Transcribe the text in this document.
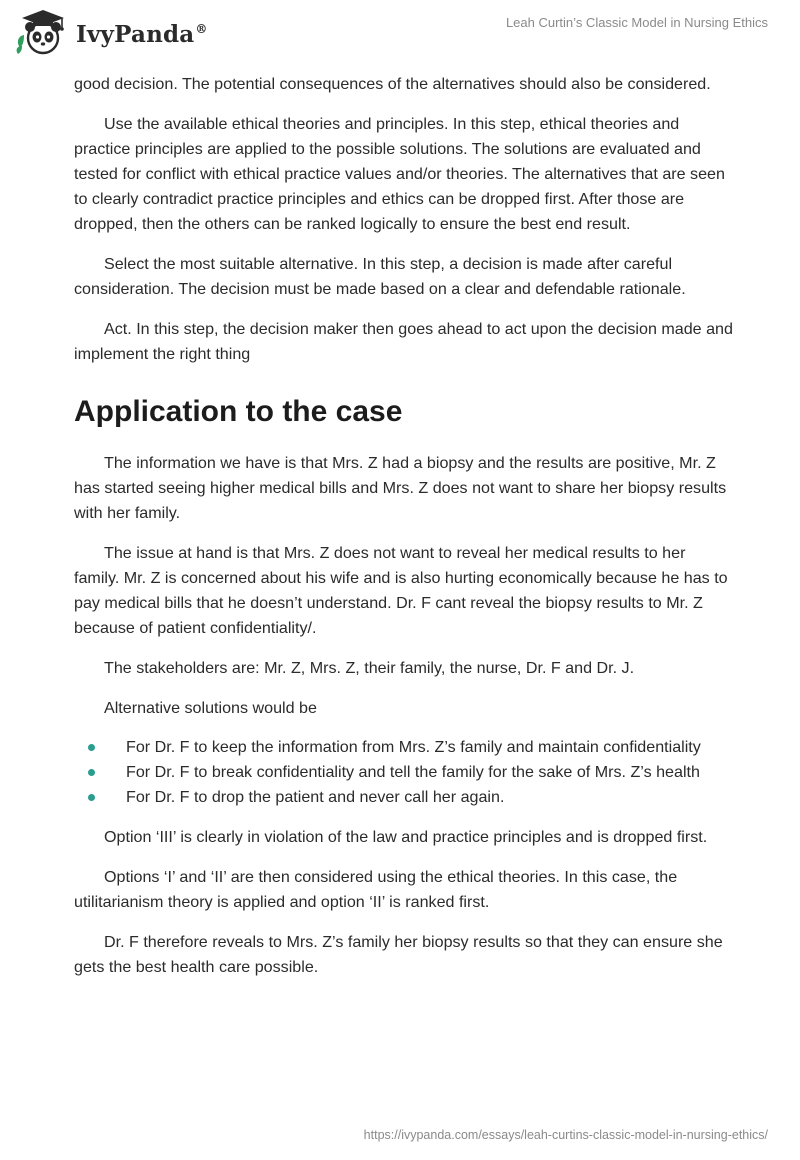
IvyPanda®	Leah Curtin’s Classic Model in Nursing Ethics

good decision. The potential consequences of the alternatives should also be considered.

Use the available ethical theories and principles. In this step, ethical theories and practice principles are applied to the possible solutions. The solutions are evaluated and tested for conflict with ethical practice values and/or theories. The alternatives that are seen to clearly contradict practice principles and ethics can be dropped first. After those are dropped, then the others can be ranked logically to ensure the best end result.

Select the most suitable alternative. In this step, a decision is made after careful consideration. The decision must be made based on a clear and defendable rationale.

Act. In this step, the decision maker then goes ahead to act upon the decision made and implement the right thing

Application to the case

The information we have is that Mrs. Z had a biopsy and the results are positive, Mr. Z has started seeing higher medical bills and Mrs. Z does not want to share her biopsy results with her family.

The issue at hand is that Mrs. Z does not want to reveal her medical results to her family. Mr. Z is concerned about his wife and is also hurting economically because he has to pay medical bills that he doesn’t understand. Dr. F cant reveal the biopsy results to Mr. Z because of patient confidentiality/.

The stakeholders are: Mr. Z, Mrs. Z, their family, the nurse, Dr. F and Dr. J.

Alternative solutions would be

For Dr. F to keep the information from Mrs. Z’s family and maintain confidentiality
For Dr. F to break confidentiality and tell the family for the sake of Mrs. Z’s health
For Dr. F to drop the patient and never call her again.

Option ‘III’ is clearly in violation of the law and practice principles and is dropped first.

Options ‘I’ and ‘II’ are then considered using the ethical theories. In this case, the utilitarianism theory is applied and option ‘II’ is ranked first.

Dr. F therefore reveals to Mrs. Z’s family her biopsy results so that they can ensure she gets the best health care possible.

https://ivypanda.com/essays/leah-curtins-classic-model-in-nursing-ethics/
